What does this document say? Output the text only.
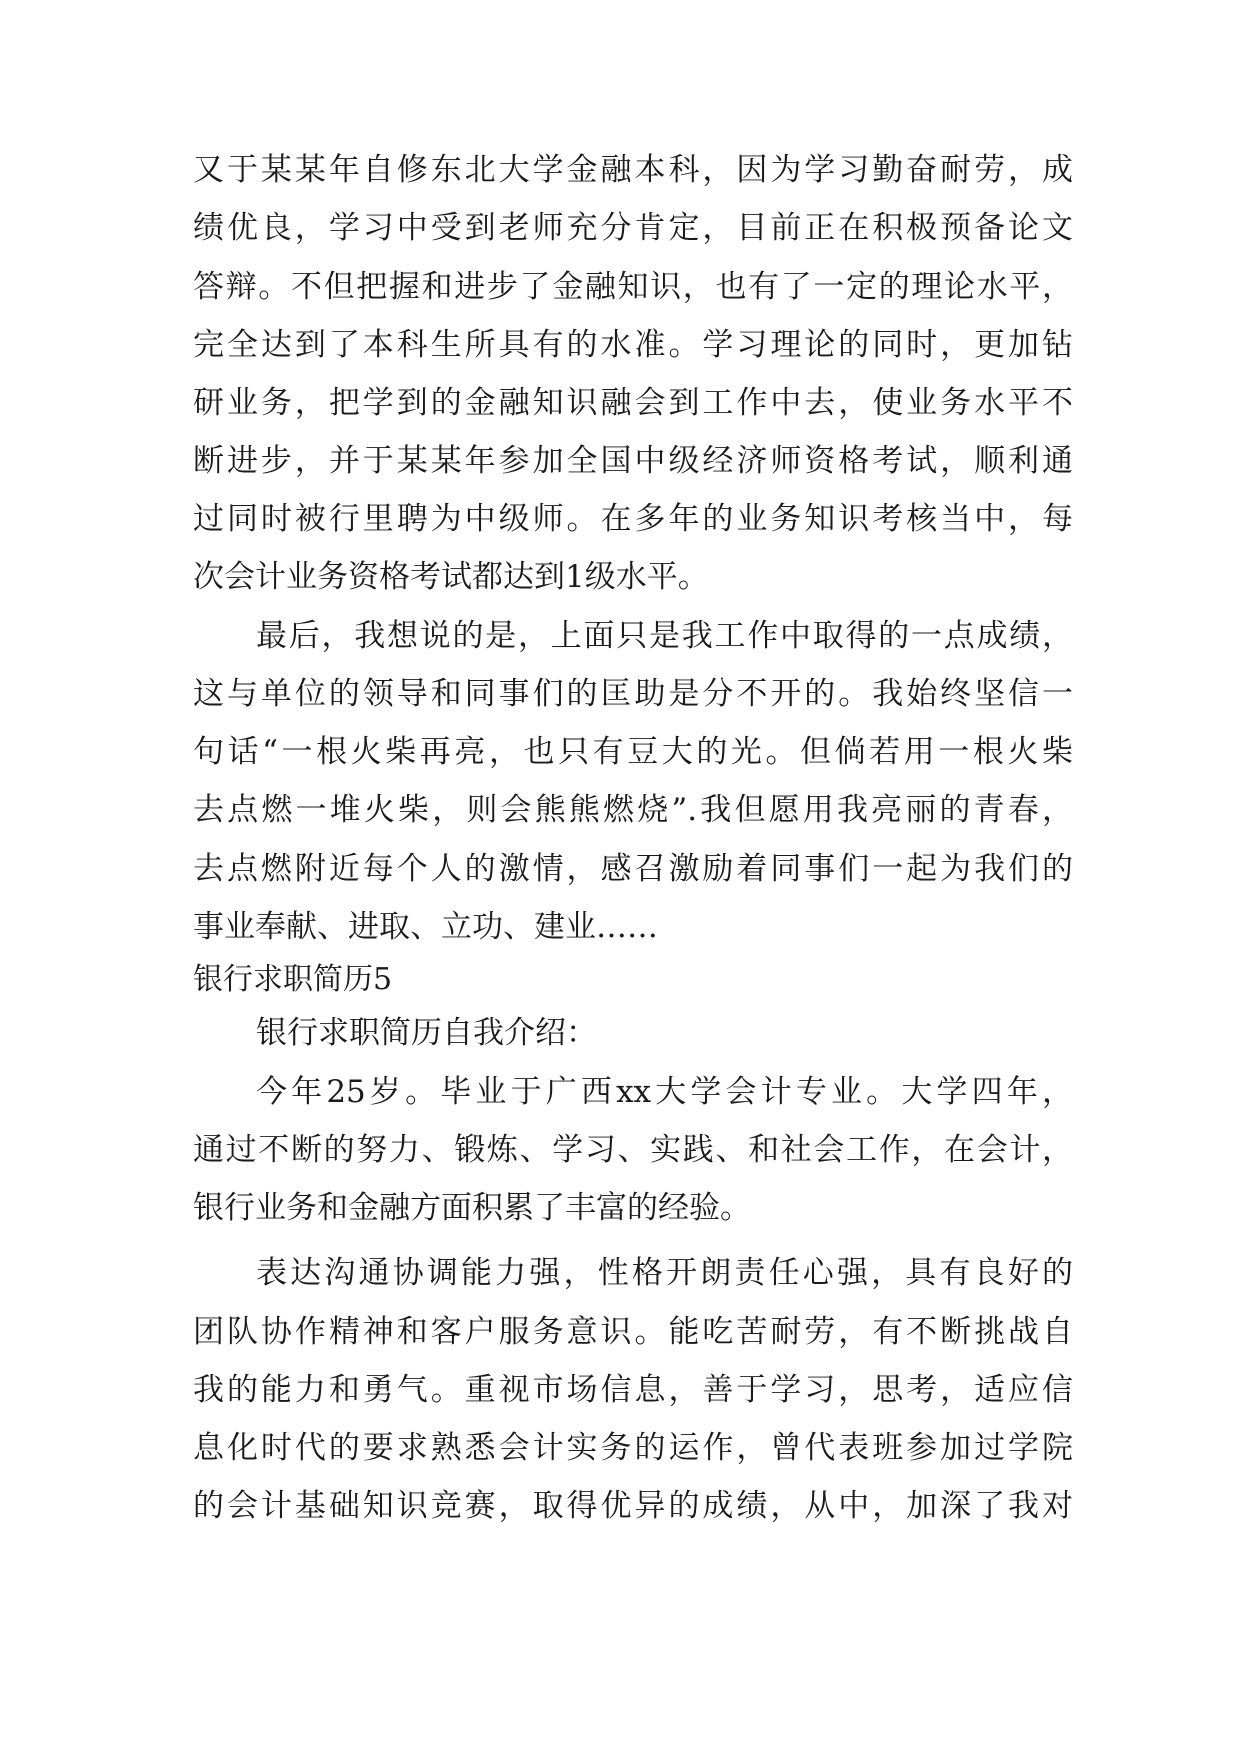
又于某某年自修东北大学金融本科，因为学习勤奋耐劳，成
绩优良，学习中受到老师充分肯定，目前正在积极预备论文
答辩。不但把握和进步了金融知识，也有了一定的理论水平，
完全达到了本科生所具有的水准。学习理论的同时，更加钻
研业务，把学到的金融知识融会到工作中去，使业务水平不
断进步，并于某某年参加全国中级经济师资格考试，顺利通
过同时被行里聘为中级师。在多年的业务知识考核当中，每
次会计业务资格考试都达到1级水平。
最后，我想说的是，上面只是我工作中取得的一点成绩，
这与单位的领导和同事们的匡助是分不开的。我始终坚信一
句话“一根火柴再亮，也只有豆大的光。但倘若用一根火柴
去点燃一堆火柴，则会熊熊燃烧”.我但愿用我亮丽的青春，
去点燃附近每个人的激情，感召激励着同事们一起为我们的
事业奉献、进取、立功、建业……
银行求职简历5
银行求职简历自我介绍：
今年25岁。毕业于广西xx大学会计专业。大学四年，
通过不断的努力、锻炼、学习、实践、和社会工作，在会计，
银行业务和金融方面积累了丰富的经验。
表达沟通协调能力强，性格开朗责任心强，具有良好的
团队协作精神和客户服务意识。能吃苦耐劳，有不断挑战自
我的能力和勇气。重视市场信息，善于学习，思考，适应信
息化时代的要求熟悉会计实务的运作，曾代表班参加过学院
的会计基础知识竞赛，取得优异的成绩，从中，加深了我对
